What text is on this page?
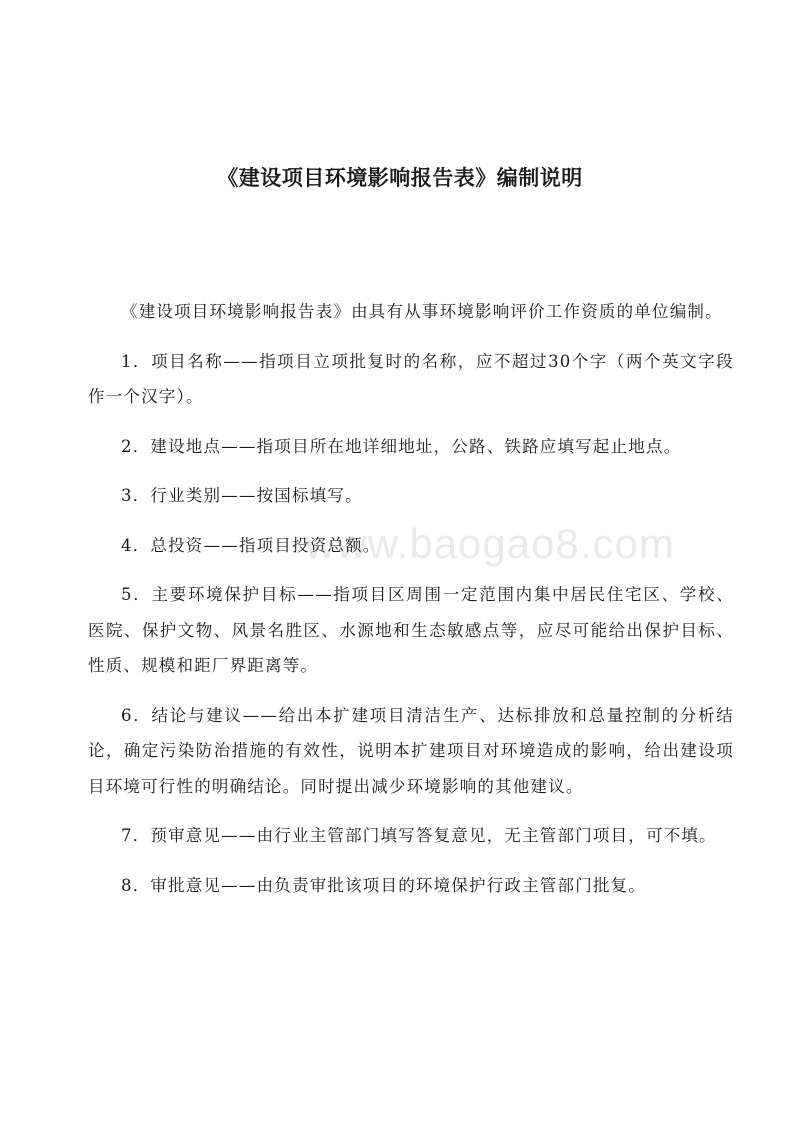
www.baogao8.com
《建设项目环境影响报告表》编制说明

《建设项目环境影响报告表》由具有从事环境影响评价工作资质的单位编制。

1．项目名称——指项目立项批复时的名称，应不超过30个字（两个英文字段作一个汉字）。

2．建设地点——指项目所在地详细地址，公路、铁路应填写起止地点。

3．行业类别——按国标填写。

4．总投资——指项目投资总额。

5．主要环境保护目标——指项目区周围一定范围内集中居民住宅区、学校、医院、保护文物、风景名胜区、水源地和生态敏感点等，应尽可能给出保护目标、性质、规模和距厂界距离等。

6．结论与建议——给出本扩建项目清洁生产、达标排放和总量控制的分析结论，确定污染防治措施的有效性，说明本扩建项目对环境造成的影响，给出建设项目环境可行性的明确结论。同时提出减少环境影响的其他建议。

7．预审意见——由行业主管部门填写答复意见，无主管部门项目，可不填。

8．审批意见——由负责审批该项目的环境保护行政主管部门批复。
